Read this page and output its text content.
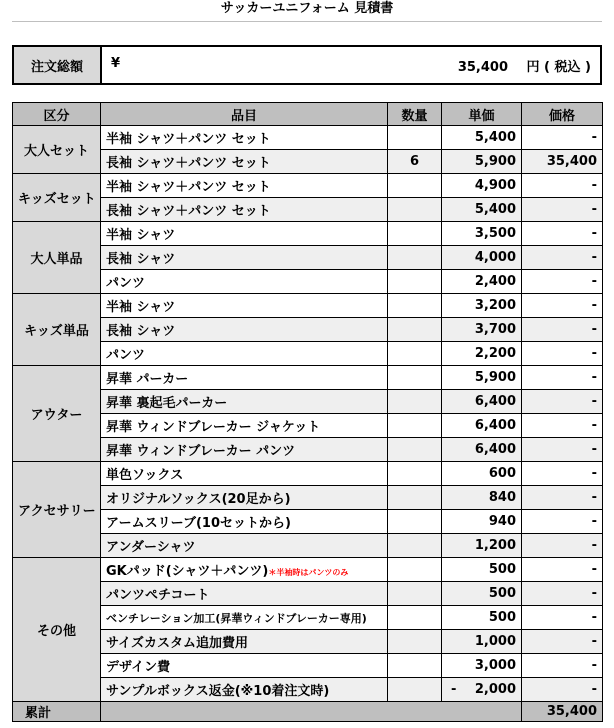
サッカーユニフォーム 見積書
注文総額	¥	35,400 円 ( 税込 )
区分	品目	数量	単価	価格
大人セット	半袖 シャツ＋パンツ セット		5,400	-
	長袖 シャツ＋パンツ セット	6	5,900	35,400
キッズセット	半袖 シャツ＋パンツ セット		4,900	-
	長袖 シャツ＋パンツ セット		5,400	-
大人単品	半袖 シャツ		3,500	-
	長袖 シャツ		4,000	-
	パンツ		2,400	-
キッズ単品	半袖 シャツ		3,200	-
	長袖 シャツ		3,700	-
	パンツ		2,200	-
アウター	昇華 パーカー		5,900	-
	昇華 裏起毛パーカー		6,400	-
	昇華 ウィンドブレーカー ジャケット		6,400	-
	昇華 ウィンドブレーカー パンツ		6,400	-
アクセサリー	単色ソックス		600	-
	オリジナルソックス(20足から)		840	-
	アームスリーブ(10セットから)		940	-
	アンダーシャツ		1,200	-
その他	GKパッド(シャツ＋パンツ)＊半袖時はパンツのみ		500	-
	パンツペチコート		500	-
	ベンチレーション加工(昇華ウィンドブレーカー専用)		500	-
	サイズカスタム追加費用		1,000	-
	デザイン費		3,000	-
	サンプルボックス返金(※10着注文時)		- 2,000	-
累計				35,400
